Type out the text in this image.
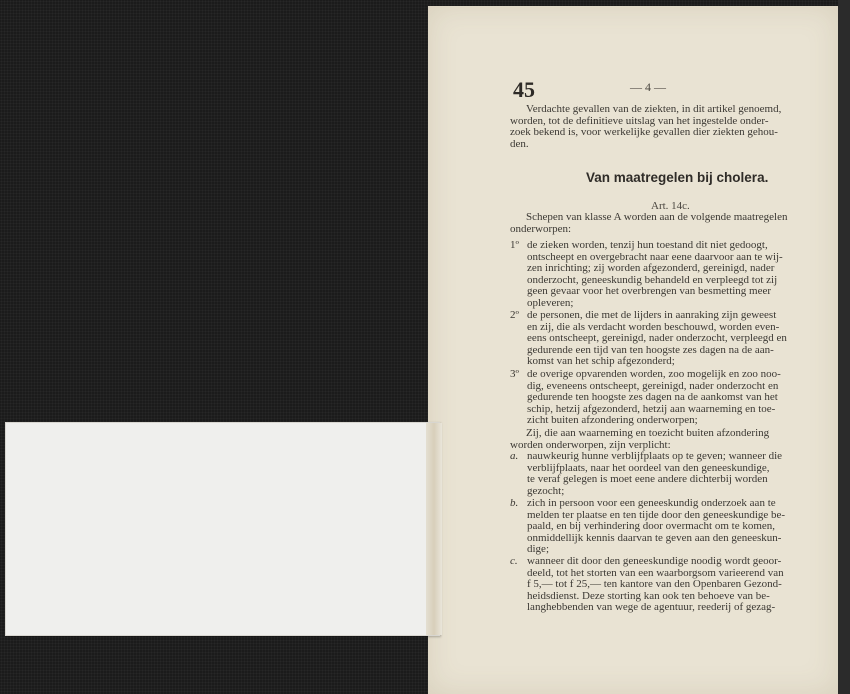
45	— 4 —
Verdachte gevallen van de ziekten, in dit artikel genoemd,
worden, tot de definitieve uitslag van het ingestelde onder-
zoek bekend is, voor werkelijke gevallen dier ziekten gehou-
den.
Van maatregelen bij cholera.
Art. 14c.
Schepen van klasse A worden aan de volgende maatregelen
onderworpen:
1º de zieken worden, tenzij hun toestand dit niet gedoogt,
ontscheept en overgebracht naar eene daarvoor aan te wij-
zen inrichting; zij worden afgezonderd, gereinigd, nader
onderzocht, geneeskundig behandeld en verpleegd tot zij
geen gevaar voor het overbrengen van besmetting meer
opleveren;
2º de personen, die met de lijders in aanraking zijn geweest
en zij, die als verdacht worden beschouwd, worden even-
eens ontscheept, gereinigd, nader onderzocht, verpleegd en
gedurende een tijd van ten hoogste zes dagen na de aan-
komst van het schip afgezonderd;
3º de overige opvarenden worden, zoo mogelijk en zoo noo-
dig, eveneens ontscheept, gereinigd, nader onderzocht en
gedurende ten hoogste zes dagen na de aankomst van het
schip, hetzij afgezonderd, hetzij aan waarneming en toe-
zicht buiten afzondering onderworpen;
Zij, die aan waarneming en toezicht buiten afzondering
worden onderworpen, zijn verplicht:
a. nauwkeurig hunne verblijfplaats op te geven; wanneer die
verblijfplaats, naar het oordeel van den geneeskundige,
te veraf gelegen is moet eene andere dichterbij worden
gezocht;
b. zich in persoon voor een geneeskundig onderzoek aan te
melden ter plaatse en ten tijde door den geneeskundige be-
paald, en bij verhindering door overmacht om te komen,
onmiddellijk kennis daarvan te geven aan den geneeskun-
dige;
c. wanneer dit door den geneeskundige noodig wordt geoor-
deeld, tot het storten van een waarborgsom varieerend van
f 5,— tot f 25,— ten kantore van den Openbaren Gezond-
heidsdienst. Deze storting kan ook ten behoeve van be-
langhebbenden van wege de agentuur, reederij of gezag-
